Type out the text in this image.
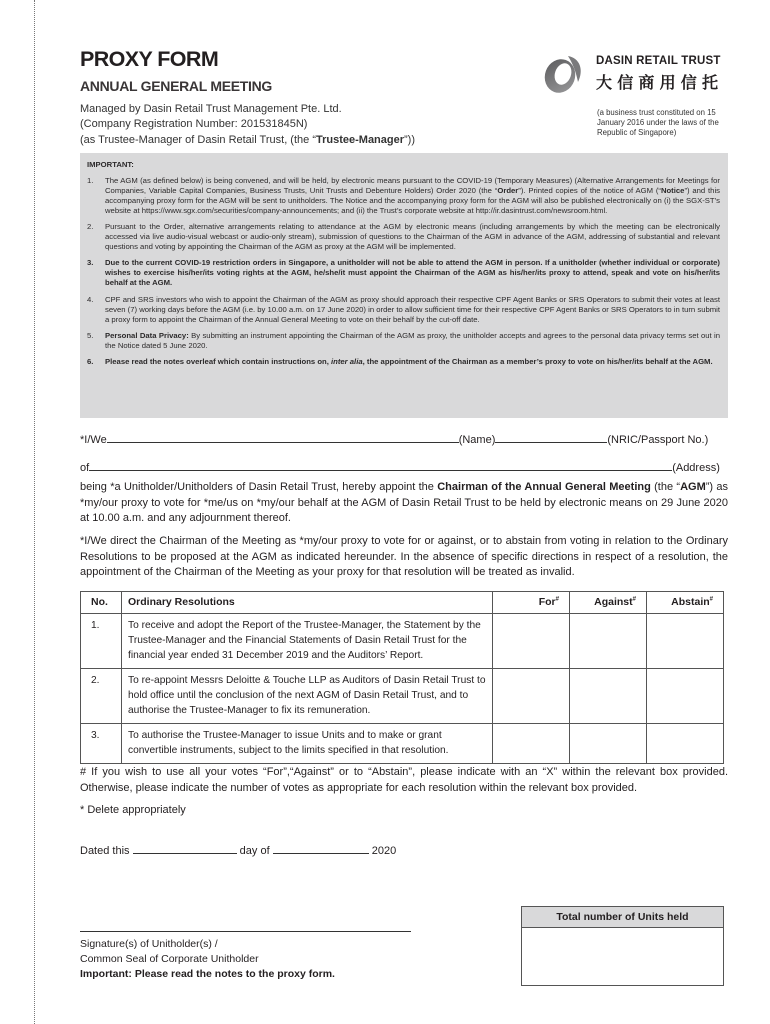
PROXY FORM
ANNUAL GENERAL MEETING
Managed by Dasin Retail Trust Management Pte. Ltd.
(Company Registration Number: 201531845N)
(as Trustee-Manager of Dasin Retail Trust, (the “Trustee-Manager”))
DASIN RETAIL TRUST
大信商用信托
(a business trust constituted on 15 January 2016 under the laws of the Republic of Singapore)
IMPORTANT:
1.	The AGM (as defined below) is being convened, and will be held, by electronic means pursuant to the COVID-19 (Temporary Measures) (Alternative Arrangements for Meetings for Companies, Variable Capital Companies, Business Trusts, Unit Trusts and Debenture Holders) Order 2020 (the “Order”). Printed copies of the notice of AGM (“Notice”) and this accompanying proxy form for the AGM will be sent to unitholders. The Notice and the accompanying proxy form for the AGM will also be published electronically on (i) the SGX-ST’s website at https://www.sgx.com/securities/company-announcements; and (ii) the Trust’s corporate website at http://ir.dasintrust.com/newsroom.html.
2.	Pursuant to the Order, alternative arrangements relating to attendance at the AGM by electronic means (including arrangements by which the meeting can be electronically accessed via live audio-visual webcast or audio-only stream), submission of questions to the Chairman of the AGM in advance of the AGM, addressing of substantial and relevant questions and voting by appointing the Chairman of the AGM as proxy at the AGM will be implemented.
3.	Due to the current COVID-19 restriction orders in Singapore, a unitholder will not be able to attend the AGM in person. If a unitholder (whether individual or corporate) wishes to exercise his/her/its voting rights at the AGM, he/she/it must appoint the Chairman of the AGM as his/her/its proxy to attend, speak and vote on his/her/its behalf at the AGM.
4.	CPF and SRS investors who wish to appoint the Chairman of the AGM as proxy should approach their respective CPF Agent Banks or SRS Operators to submit their votes at least seven (7) working days before the AGM (i.e. by 10.00 a.m. on 17 June 2020) in order to allow sufficient time for their respective CPF Agent Banks or SRS Operators to in turn submit a proxy form to appoint the Chairman of the Annual General Meeting to vote on their behalf by the cut-off date.
5.	Personal Data Privacy: By submitting an instrument appointing the Chairman of the AGM as proxy, the unitholder accepts and agrees to the personal data privacy terms set out in the Notice dated 5 June 2020.
6.	Please read the notes overleaf which contain instructions on, inter alia, the appointment of the Chairman as a member’s proxy to vote on his/her/its behalf at the AGM.
*I/We	(Name)	(NRIC/Passport No.)
of	(Address)
being *a Unitholder/Unitholders of Dasin Retail Trust, hereby appoint the Chairman of the Annual General Meeting (the “AGM”) as *my/our proxy to vote for *me/us on *my/our behalf at the AGM of Dasin Retail Trust to be held by electronic means on 29 June 2020 at 10.00 a.m. and any adjournment thereof.
*I/We direct the Chairman of the Meeting as *my/our proxy to vote for or against, or to abstain from voting in relation to the Ordinary Resolutions to be proposed at the AGM as indicated hereunder. In the absence of specific directions in respect of a resolution, the appointment of the Chairman of the Meeting as your proxy for that resolution will be treated as invalid.
No.	Ordinary Resolutions	For#	Against#	Abstain#
1.	To receive and adopt the Report of the Trustee-Manager, the Statement by the Trustee-Manager and the Financial Statements of Dasin Retail Trust for the financial year ended 31 December 2019 and the Auditors’ Report.			
2.	To re-appoint Messrs Deloitte & Touche LLP as Auditors of Dasin Retail Trust to hold office until the conclusion of the next AGM of Dasin Retail Trust, and to authorise the Trustee-Manager to fix its remuneration.			
3.	To authorise the Trustee-Manager to issue Units and to make or grant convertible instruments, subject to the limits specified in that resolution.			
# If you wish to use all your votes “For”,“Against” or to “Abstain”, please indicate with an “X” within the relevant box provided. Otherwise, please indicate the number of votes as appropriate for each resolution within the relevant box provided.
* Delete appropriately
Dated this	day of	2020
Total number of Units held
Signature(s) of Unitholder(s) /
Common Seal of Corporate Unitholder
Important: Please read the notes to the proxy form.
